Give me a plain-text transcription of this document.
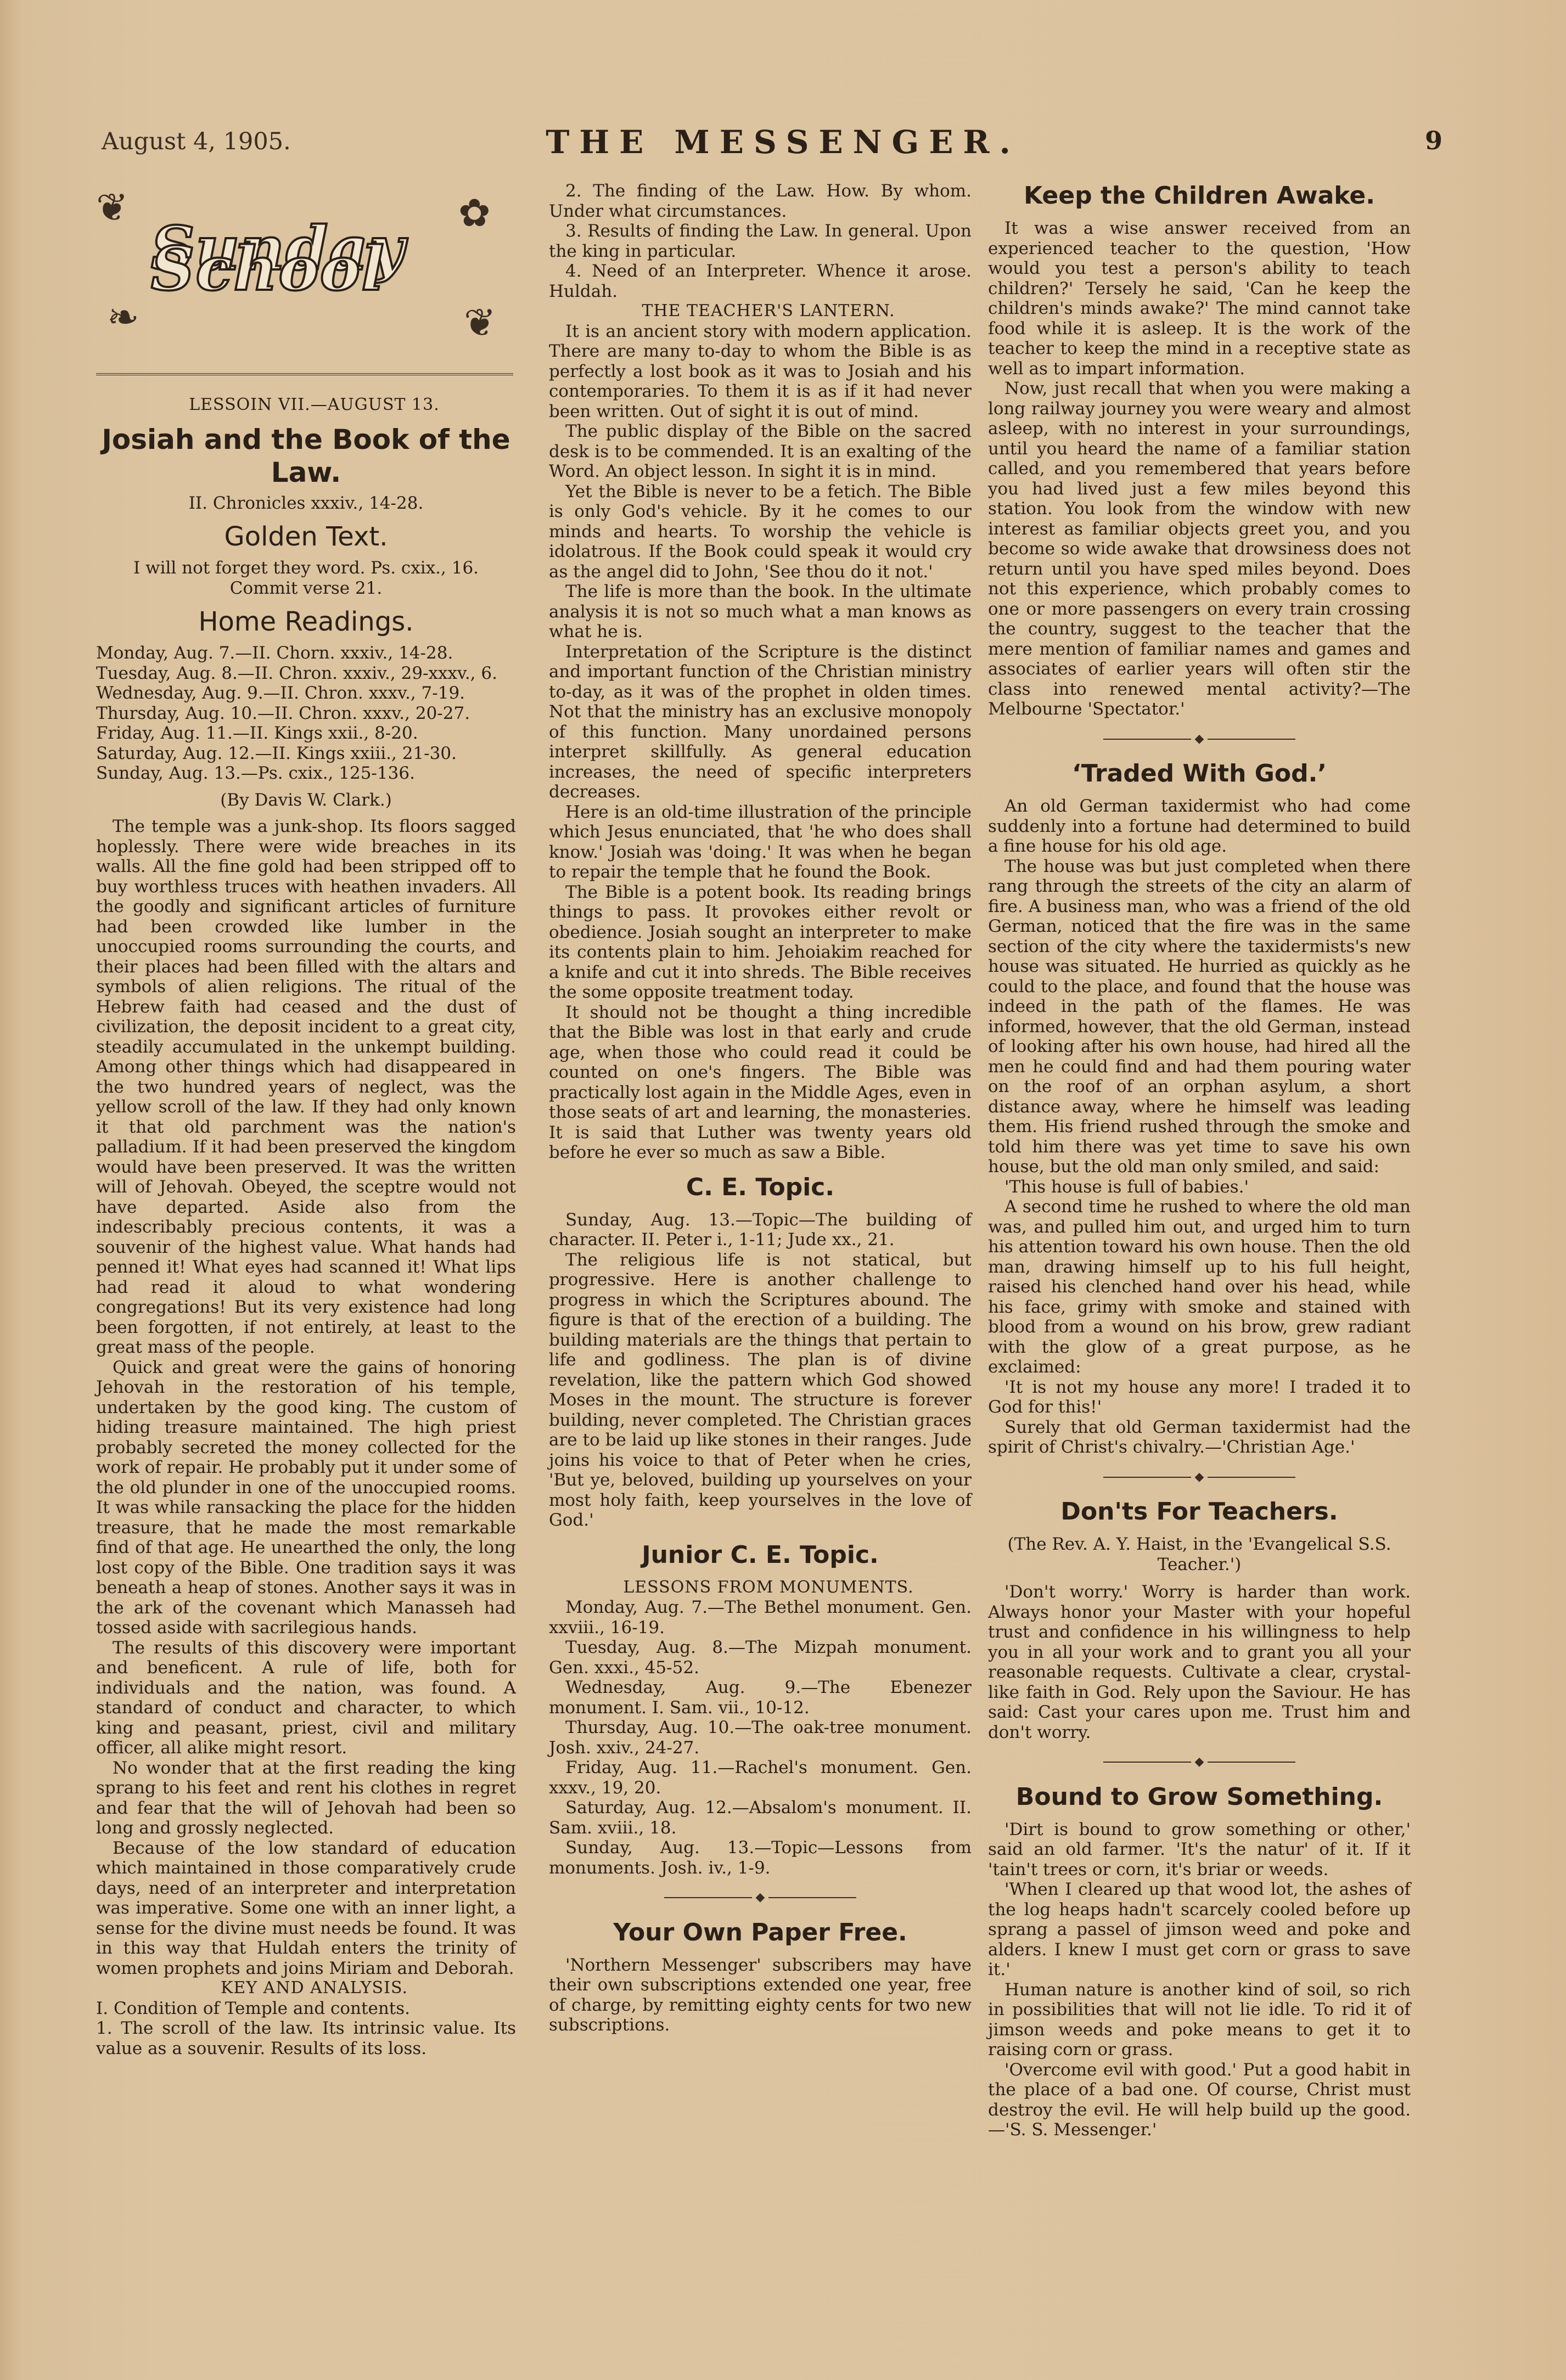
August 4, 1905.	THE MESSENGER.	9
❦
❧
✿
❦
Sunday School

LESSOIN VII.—AUGUST 13.

Josiah and the Book of the Law.

II. Chronicles xxxiv., 14-28.

Golden Text.

I will not forget they word. Ps. cxix., 16.

Commit verse 21.

Home Readings.

Monday, Aug. 7.—II. Chorn. xxxiv., 14-28.

Tuesday, Aug. 8.—II. Chron. xxxiv., 29-xxxv., 6.

Wednesday, Aug. 9.—II. Chron. xxxv., 7-19.

Thursday, Aug. 10.—II. Chron. xxxv., 20-27.

Friday, Aug. 11.—II. Kings xxii., 8-20.

Saturday, Aug. 12.—II. Kings xxiii., 21-30.

Sunday, Aug. 13.—Ps. cxix., 125-136.

(By Davis W. Clark.)

The temple was a junk-shop. Its floors sagged hoplessly. There were wide breaches in its walls. All the fine gold had been stripped off to buy worthless truces with heathen invaders. All the goodly and significant articles of furniture had been crowded like lumber in the unoccupied rooms surrounding the courts, and their places had been filled with the altars and symbols of alien religions. The ritual of the Hebrew faith had ceased and the dust of civilization, the deposit incident to a great city, steadily accumulated in the unkempt building. Among other things which had disappeared in the two hundred years of neglect, was the yellow scroll of the law. If they had only known it that old parchment was the nation's palladium. If it had been preserved the kingdom would have been preserved. It was the written will of Jehovah. Obeyed, the sceptre would not have departed. Aside also from the indescribably precious contents, it was a souvenir of the highest value. What hands had penned it! What eyes had scanned it! What lips had read it aloud to what wondering congregations! But its very existence had long been forgotten, if not entirely, at least to the great mass of the people.

Quick and great were the gains of honoring Jehovah in the restoration of his temple, undertaken by the good king. The custom of hiding treasure maintained. The high priest probably secreted the money collected for the work of repair. He probably put it under some of the old plunder in one of the unoccupied rooms. It was while ransacking the place for the hidden treasure, that he made the most remarkable find of that age. He unearthed the only, the long lost copy of the Bible. One tradition says it was beneath a heap of stones. Another says it was in the ark of the covenant which Manasseh had tossed aside with sacrilegious hands.

The results of this discovery were important and beneficent. A rule of life, both for individuals and the nation, was found. A standard of conduct and character, to which king and peasant, priest, civil and military officer, all alike might resort.

No wonder that at the first reading the king sprang to his feet and rent his clothes in regret and fear that the will of Jehovah had been so long and grossly neglected.

Because of the low standard of education which maintained in those comparatively crude days, need of an interpreter and interpretation was imperative. Some one with an inner light, a sense for the divine must needs be found. It was in this way that Huldah enters the trinity of women prophets and joins Miriam and Deborah.

KEY AND ANALYSIS.

I. Condition of Temple and contents.

1. The scroll of the law. Its intrinsic value. Its value as a souvenir. Results of its loss.

2. The finding of the Law. How. By whom. Under what circumstances.

3. Results of finding the Law. In general. Upon the king in particular.

4. Need of an Interpreter. Whence it arose. Huldah.

THE TEACHER'S LANTERN.

It is an ancient story with modern application. There are many to-day to whom the Bible is as perfectly a lost book as it was to Josiah and his contemporaries. To them it is as if it had never been written. Out of sight it is out of mind.

The public display of the Bible on the sacred desk is to be commended. It is an exalting of the Word. An object lesson. In sight it is in mind.

Yet the Bible is never to be a fetich. The Bible is only God's vehicle. By it he comes to our minds and hearts. To worship the vehicle is idolatrous. If the Book could speak it would cry as the angel did to John, 'See thou do it not.'

The life is more than the book. In the ultimate analysis it is not so much what a man knows as what he is.

Interpretation of the Scripture is the distinct and important function of the Christian ministry to-day, as it was of the prophet in olden times. Not that the ministry has an exclusive monopoly of this function. Many unordained persons interpret skillfully. As general education increases, the need of specific interpreters decreases.

Here is an old-time illustration of the principle which Jesus enunciated, that 'he who does shall know.' Josiah was 'doing.' It was when he began to repair the temple that he found the Book.

The Bible is a potent book. Its reading brings things to pass. It provokes either revolt or obedience. Josiah sought an interpreter to make its contents plain to him. Jehoiakim reached for a knife and cut it into shreds. The Bible receives the some opposite treatment today.

It should not be thought a thing incredible that the Bible was lost in that early and crude age, when those who could read it could be counted on one's fingers. The Bible was practically lost again in the Middle Ages, even in those seats of art and learning, the monasteries. It is said that Luther was twenty years old before he ever so much as saw a Bible.

C. E. Topic.

Sunday, Aug. 13.—Topic—The building of character. II. Peter i., 1-11; Jude xx., 21.

The religious life is not statical, but progressive. Here is another challenge to progress in which the Scriptures abound. The figure is that of the erection of a building. The building materials are the things that pertain to life and godliness. The plan is of divine revelation, like the pattern which God showed Moses in the mount. The structure is forever building, never completed. The Christian graces are to be laid up like stones in their ranges. Jude joins his voice to that of Peter when he cries, 'But ye, beloved, building up yourselves on your most holy faith, keep yourselves in the love of God.'

Junior C. E. Topic.

LESSONS FROM MONUMENTS.

Monday, Aug. 7.—The Bethel monument. Gen. xxviii., 16-19.

Tuesday, Aug. 8.—The Mizpah monument. Gen. xxxi., 45-52.

Wednesday, Aug. 9.—The Ebenezer monument. I. Sam. vii., 10-12.

Thursday, Aug. 10.—The oak-tree monument. Josh. xxiv., 24-27.

Friday, Aug. 11.—Rachel's monument. Gen. xxxv., 19, 20.

Saturday, Aug. 12.—Absalom's monument. II. Sam. xviii., 18.

Sunday, Aug. 13.—Topic—Lessons from monuments. Josh. iv., 1-9.

◆
Your Own Paper Free.

'Northern Messenger' subscribers may have their own subscriptions extended one year, free of charge, by remitting eighty cents for two new subscriptions.

Keep the Children Awake.

It was a wise answer received from an experienced teacher to the question, 'How would you test a person's ability to teach children?' Tersely he said, 'Can he keep the children's minds awake?' The mind cannot take food while it is asleep. It is the work of the teacher to keep the mind in a receptive state as well as to impart information.

Now, just recall that when you were making a long railway journey you were weary and almost asleep, with no interest in your surroundings, until you heard the name of a familiar station called, and you remembered that years before you had lived just a few miles beyond this station. You look from the window with new interest as familiar objects greet you, and you become so wide awake that drowsiness does not return until you have sped miles beyond. Does not this experience, which probably comes to one or more passengers on every train crossing the country, suggest to the teacher that the mere mention of familiar names and games and associates of earlier years will often stir the class into renewed mental activity?—The Melbourne 'Spectator.'

◆
‘Traded With God.’

An old German taxidermist who had come suddenly into a fortune had determined to build a fine house for his old age.

The house was but just completed when there rang through the streets of the city an alarm of fire. A business man, who was a friend of the old German, noticed that the fire was in the same section of the city where the taxidermists's new house was situated. He hurried as quickly as he could to the place, and found that the house was indeed in the path of the flames. He was informed, however, that the old German, instead of looking after his own house, had hired all the men he could find and had them pouring water on the roof of an orphan asylum, a short distance away, where he himself was leading them. His friend rushed through the smoke and told him there was yet time to save his own house, but the old man only smiled, and said:

'This house is full of babies.'

A second time he rushed to where the old man was, and pulled him out, and urged him to turn his attention toward his own house. Then the old man, drawing himself up to his full height, raised his clenched hand over his head, while his face, grimy with smoke and stained with blood from a wound on his brow, grew radiant with the glow of a great purpose, as he exclaimed:

'It is not my house any more! I traded it to God for this!'

Surely that old German taxidermist had the spirit of Christ's chivalry.—'Christian Age.'

◆
Don'ts For Teachers.

(The Rev. A. Y. Haist, in the 'Evangelical S.S. Teacher.')

'Don't worry.' Worry is harder than work. Always honor your Master with your hopeful trust and confidence in his willingness to help you in all your work and to grant you all your reasonable requests. Cultivate a clear, crystal-like faith in God. Rely upon the Saviour. He has said: Cast your cares upon me. Trust him and don't worry.

◆
Bound to Grow Something.

'Dirt is bound to grow something or other,' said an old farmer. 'It's the natur' of it. If it 'tain't trees or corn, it's briar or weeds.

'When I cleared up that wood lot, the ashes of the log heaps hadn't scarcely cooled before up sprang a passel of jimson weed and poke and alders. I knew I must get corn or grass to save it.'

Human nature is another kind of soil, so rich in possibilities that will not lie idle. To rid it of jimson weeds and poke means to get it to raising corn or grass.

'Overcome evil with good.' Put a good habit in the place of a bad one. Of course, Christ must destroy the evil. He will help build up the good.—'S. S. Messenger.'
